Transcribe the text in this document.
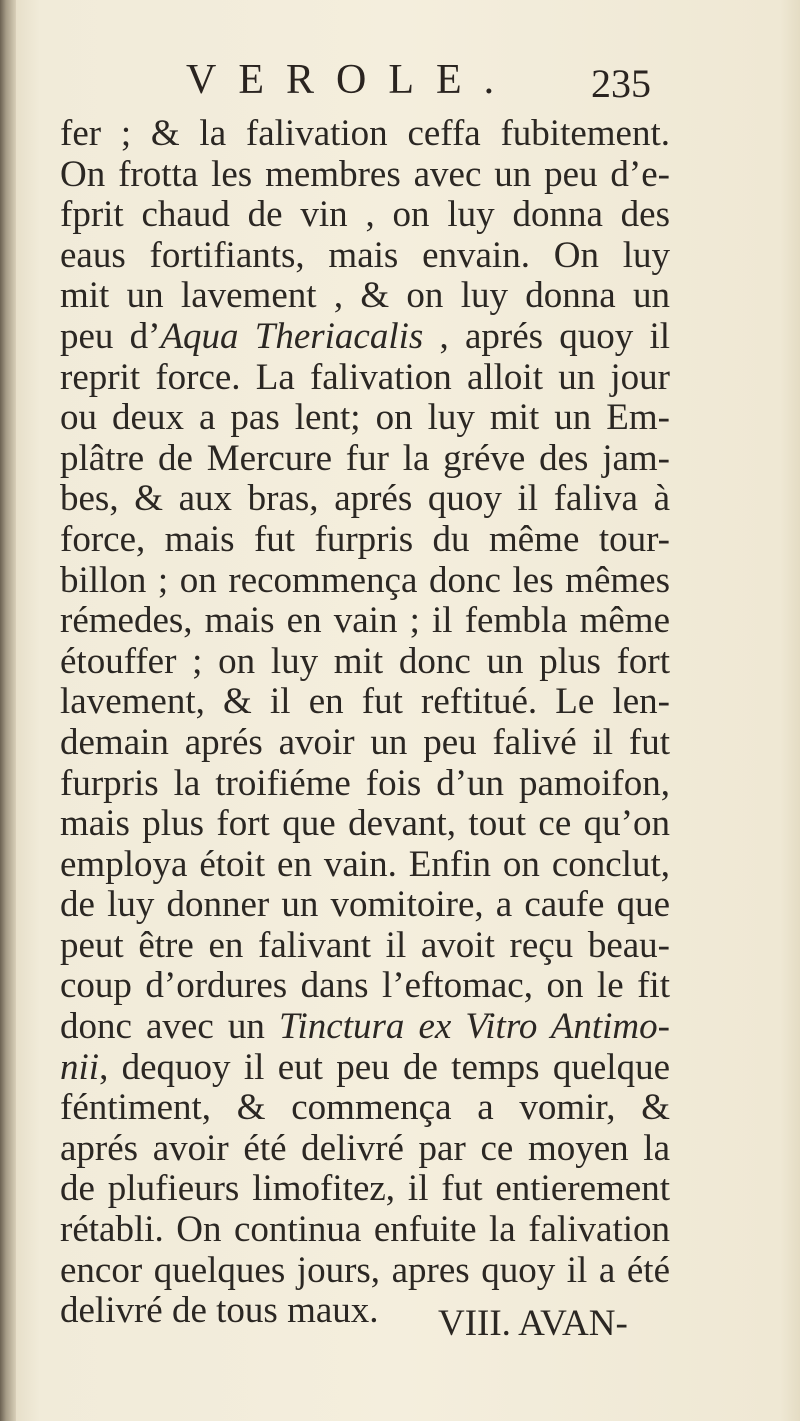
VEROLE. 235
fer ; & la falivation ceffa fubitement.
On frotta les membres avec un peu d’e-
fprit chaud de vin , on luy donna des
eaus fortifiants, mais envain. On luy
mit un lavement , & on luy donna un
peu d’Aqua Theriacalis , aprés quoy il
reprit force. La falivation alloit un jour
ou deux a pas lent; on luy mit un Em-
plâtre de Mercure fur la gréve des jam-
bes, & aux bras, aprés quoy il faliva à
force, mais fut furpris du même tour-
billon ; on recommença donc les mêmes
rémedes, mais en vain ; il fembla même
étouffer ; on luy mit donc un plus fort
lavement, & il en fut reftitué. Le len-
demain aprés avoir un peu falivé il fut
furpris la troifiéme fois d’un pamoifon,
mais plus fort que devant, tout ce qu’on
employa étoit en vain. Enfin on conclut,
de luy donner un vomitoire, a caufe que
peut être en falivant il avoit reçu beau-
coup d’ordures dans l’eftomac, on le fit
donc avec un Tinctura ex Vitro Antimo-
nii, dequoy il eut peu de temps quelque
féntiment, & commença a vomir, &
aprés avoir été delivré par ce moyen la
de plufieurs limofitez, il fut entierement
rétabli. On continua enfuite la falivation
encor quelques jours, apres quoy il a été
delivré de tous maux.	VIII. AVAN-
